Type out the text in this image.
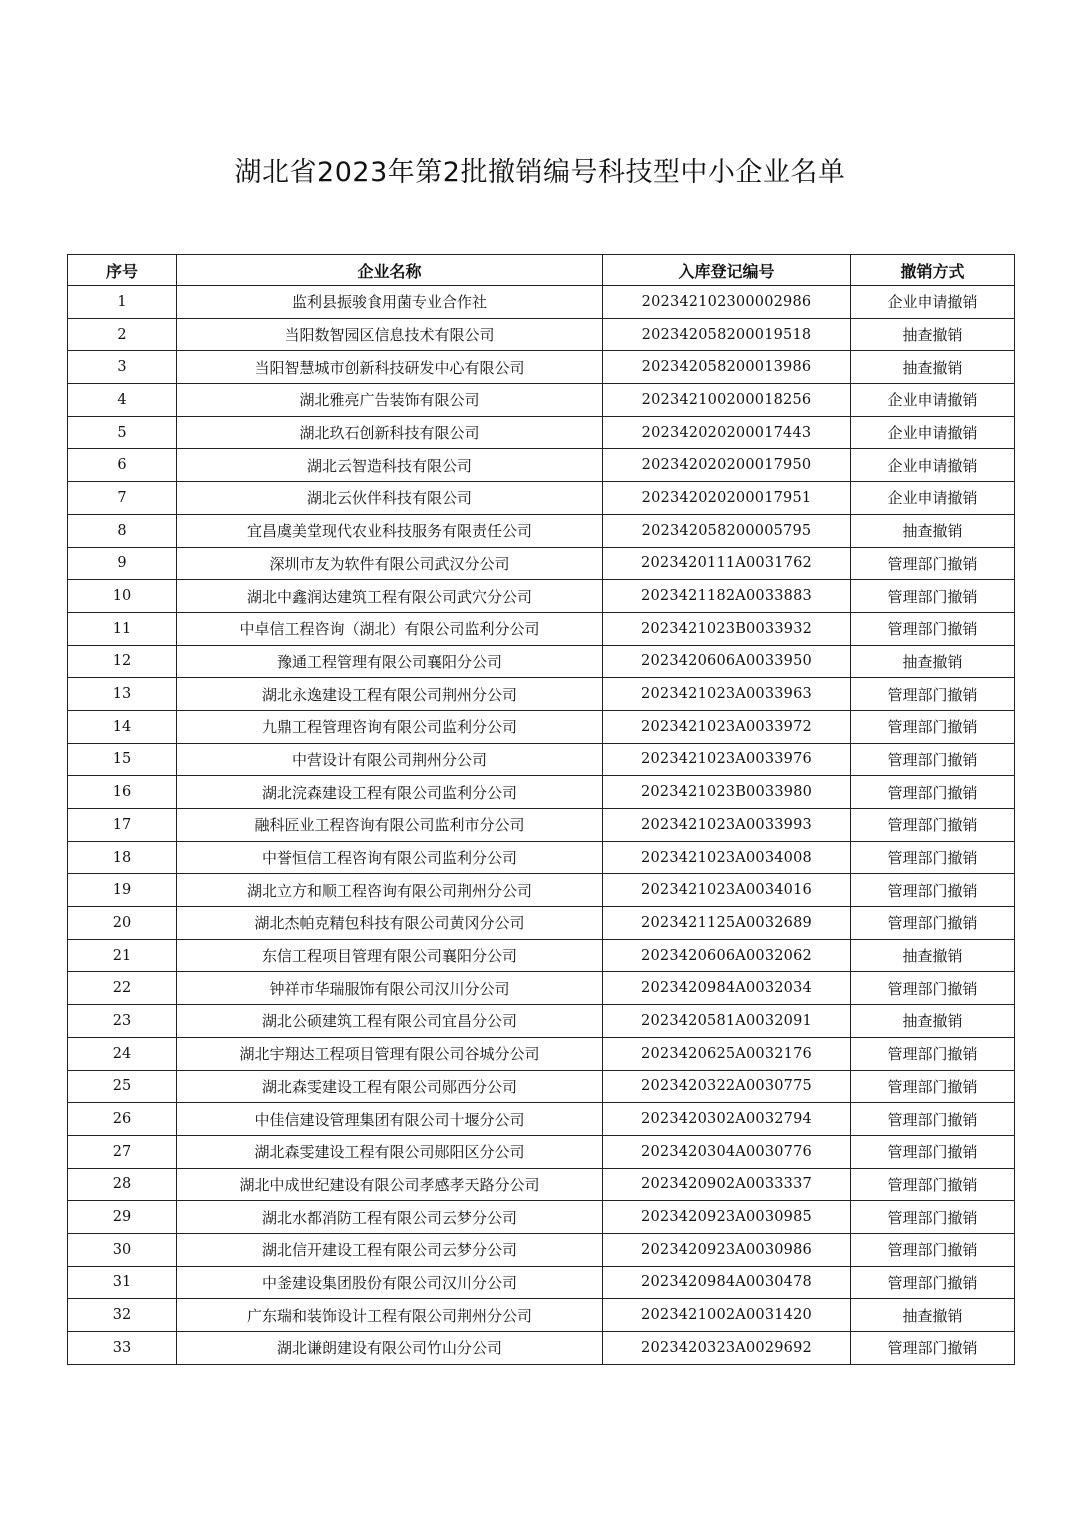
湖北省2023年第2批撤销编号科技型中小企业名单
序号	企业名称	入库登记编号	撤销方式
1	监利县振骏食用菌专业合作社	202342102300002986	企业申请撤销
2	当阳数智园区信息技术有限公司	202342058200019518	抽查撤销
3	当阳智慧城市创新科技研发中心有限公司	202342058200013986	抽查撤销
4	湖北雅亮广告装饰有限公司	202342100200018256	企业申请撤销
5	湖北玖石创新科技有限公司	202342020200017443	企业申请撤销
6	湖北云智造科技有限公司	202342020200017950	企业申请撤销
7	湖北云伙伴科技有限公司	202342020200017951	企业申请撤销
8	宜昌虞美堂现代农业科技服务有限责任公司	202342058200005795	抽查撤销
9	深圳市友为软件有限公司武汉分公司	2023420111A0031762	管理部门撤销
10	湖北中鑫润达建筑工程有限公司武穴分公司	2023421182A0033883	管理部门撤销
11	中卓信工程咨询（湖北）有限公司监利分公司	2023421023B0033932	管理部门撤销
12	豫通工程管理有限公司襄阳分公司	2023420606A0033950	抽查撤销
13	湖北永逸建设工程有限公司荆州分公司	2023421023A0033963	管理部门撤销
14	九鼎工程管理咨询有限公司监利分公司	2023421023A0033972	管理部门撤销
15	中营设计有限公司荆州分公司	2023421023A0033976	管理部门撤销
16	湖北浣森建设工程有限公司监利分公司	2023421023B0033980	管理部门撤销
17	融科匠业工程咨询有限公司监利市分公司	2023421023A0033993	管理部门撤销
18	中誉恒信工程咨询有限公司监利分公司	2023421023A0034008	管理部门撤销
19	湖北立方和顺工程咨询有限公司荆州分公司	2023421023A0034016	管理部门撤销
20	湖北杰帕克精包科技有限公司黄冈分公司	2023421125A0032689	管理部门撤销
21	东信工程项目管理有限公司襄阳分公司	2023420606A0032062	抽查撤销
22	钟祥市华瑞服饰有限公司汉川分公司	2023420984A0032034	管理部门撤销
23	湖北公硕建筑工程有限公司宜昌分公司	2023420581A0032091	抽查撤销
24	湖北宇翔达工程项目管理有限公司谷城分公司	2023420625A0032176	管理部门撤销
25	湖北森雯建设工程有限公司郧西分公司	2023420322A0030775	管理部门撤销
26	中佳信建设管理集团有限公司十堰分公司	2023420302A0032794	管理部门撤销
27	湖北森雯建设工程有限公司郧阳区分公司	2023420304A0030776	管理部门撤销
28	湖北中成世纪建设有限公司孝感孝天路分公司	2023420902A0033337	管理部门撤销
29	湖北水都消防工程有限公司云梦分公司	2023420923A0030985	管理部门撤销
30	湖北信开建设工程有限公司云梦分公司	2023420923A0030986	管理部门撤销
31	中釜建设集团股份有限公司汉川分公司	2023420984A0030478	管理部门撤销
32	广东瑞和装饰设计工程有限公司荆州分公司	2023421002A0031420	抽查撤销
33	湖北谦朗建设有限公司竹山分公司	2023420323A0029692	管理部门撤销
